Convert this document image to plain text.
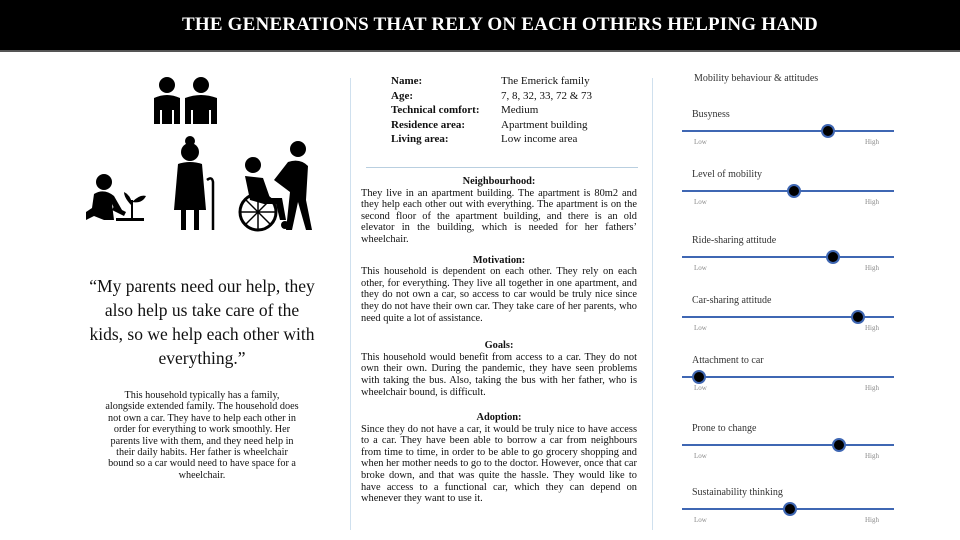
THE GENERATIONS THAT RELY ON EACH OTHERS HELPING HAND
“My parents need our help, they also help us take care of the kids, so we help each other with everything.”
This household typically has a family, alongside extended family. The household does not own a car. They have to help each other in order for everything to work smoothly. Her parents live with them, and they need help in their daily habits. Her father is wheelchair bound so a car would need to have space for a wheelchair.
Name:	The Emerick family
Age:	7, 8, 32, 33, 72 & 73
Technical comfort:	Medium
Residence area:	Apartment building
Living area:	Low income area
Neighbourhood:
They live in an apartment building. The apartment is 80m2 and they help each other out with everything. The apartment is on the second floor of the apartment building, and there is an old elevator in the building, which is needed for her fathers’ wheelchair.
Motivation:
This household is dependent on each other. They rely on each other, for everything. They live all together in one apartment, and they do not own a car, so access to car would be truly nice since they do not have their own car. They take care of her parents, who need quite a lot of assistance.
Goals:
This household would benefit from access to a car. They do not own their own. During the pandemic, they have seen problems with taking the bus. Also, taking the bus with her father, who is wheelchair bound, is difficult.
Adoption:
Since they do not have a car, it would be truly nice to have access to a car. They have been able to borrow a car from neighbours from time to time, in order to be able to go grocery shopping and when her mother needs to go to the doctor. However, once that car broke down, and that was quite the hassle. They would like to have access to a functional car, which they can depend on whenever they want to use it.
Mobility behaviour & attitudes
Busyness
Low	High
Level of mobility
Low	High
Ride-sharing attitude
Low	High
Car-sharing attitude
Low	High
Attachment to car
Low	High
Prone to change
Low	High
Sustainability thinking
Low	High
